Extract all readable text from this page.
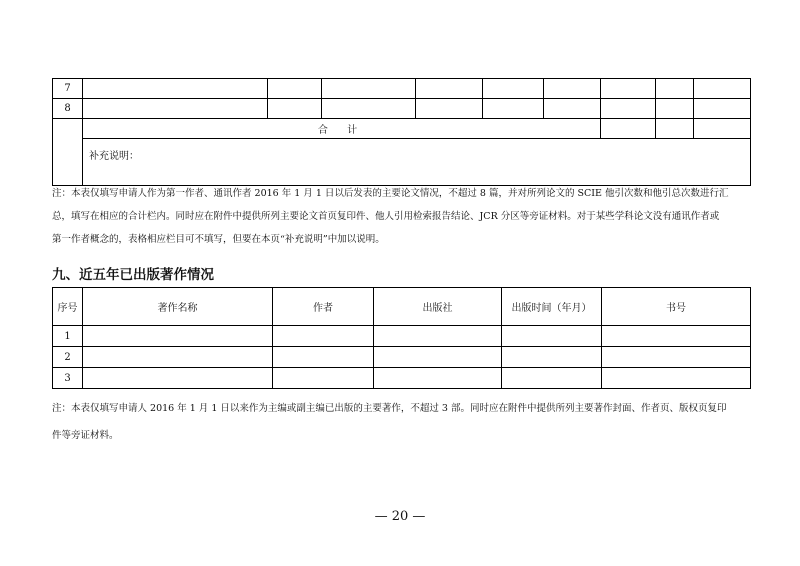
7									
8									
	合 计								
	补充说明：								
注：本表仅填写申请人作为第一作者、通讯作者 2016 年 1 月 1 日以后发表的主要论文情况，不超过 8 篇，并对所列论文的 SCIE 他引次数和他引总次数进行汇
总，填写在相应的合计栏内。同时应在附件中提供所列主要论文首页复印件、他人引用检索报告结论、JCR 分区等旁证材料。对于某些学科论文没有通讯作者或
第一作者概念的，表格相应栏目可不填写，但要在本页“补充说明”中加以说明。
九、近五年已出版著作情况
序号	著作名称	作者	出版社	出版时间（年月）	书号
1					
2					
3					
注：本表仅填写申请人 2016 年 1 月 1 日以来作为主编或副主编已出版的主要著作，不超过 3 部。同时应在附件中提供所列主要著作封面、作者页、版权页复印
件等旁证材料。
— 20 —
